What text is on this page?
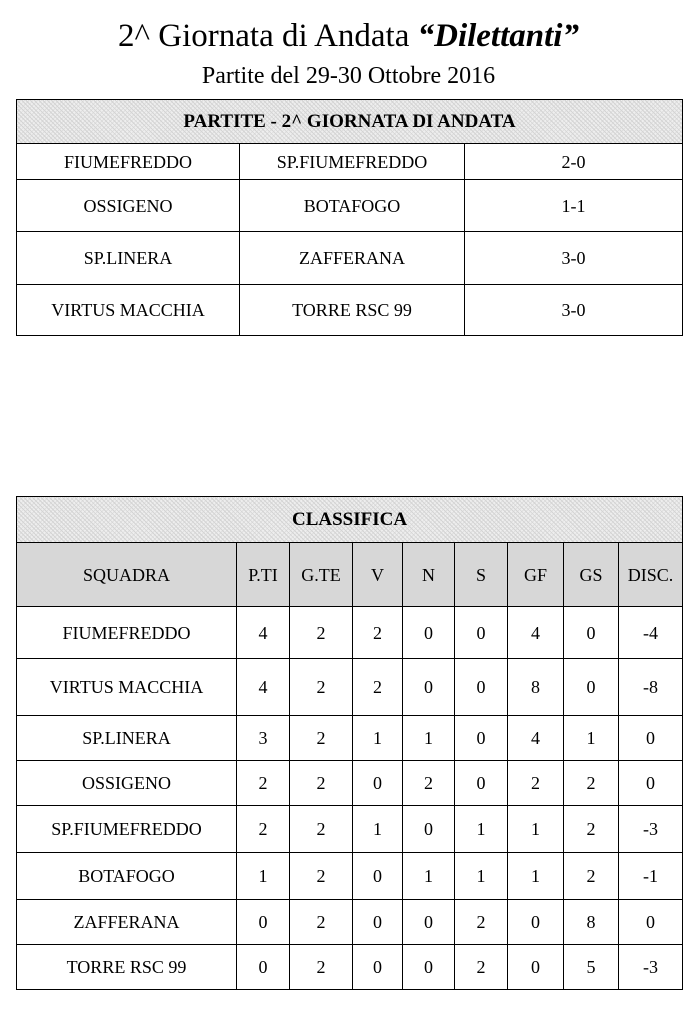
2^ Giornata di Andata “Dilettanti”
Partite del 29-30 Ottobre 2016
PARTITE - 2^ GIORNATA DI ANDATA		
FIUMEFREDDO	SP.FIUMEFREDDO	2-0
OSSIGENO	BOTAFOGO	1-1
SP.LINERA	ZAFFERANA	3-0
VIRTUS MACCHIA	TORRE RSC 99	3-0
CLASSIFICA								
SQUADRA	P.TI	G.TE	V	N	S	GF	GS	DISC.
FIUMEFREDDO	4	2	2	0	0	4	0	-4
VIRTUS MACCHIA	4	2	2	0	0	8	0	-8
SP.LINERA	3	2	1	1	0	4	1	0
OSSIGENO	2	2	0	2	0	2	2	0
SP.FIUMEFREDDO	2	2	1	0	1	1	2	-3
BOTAFOGO	1	2	0	1	1	1	2	-1
ZAFFERANA	0	2	0	0	2	0	8	0
TORRE RSC 99	0	2	0	0	2	0	5	-3
